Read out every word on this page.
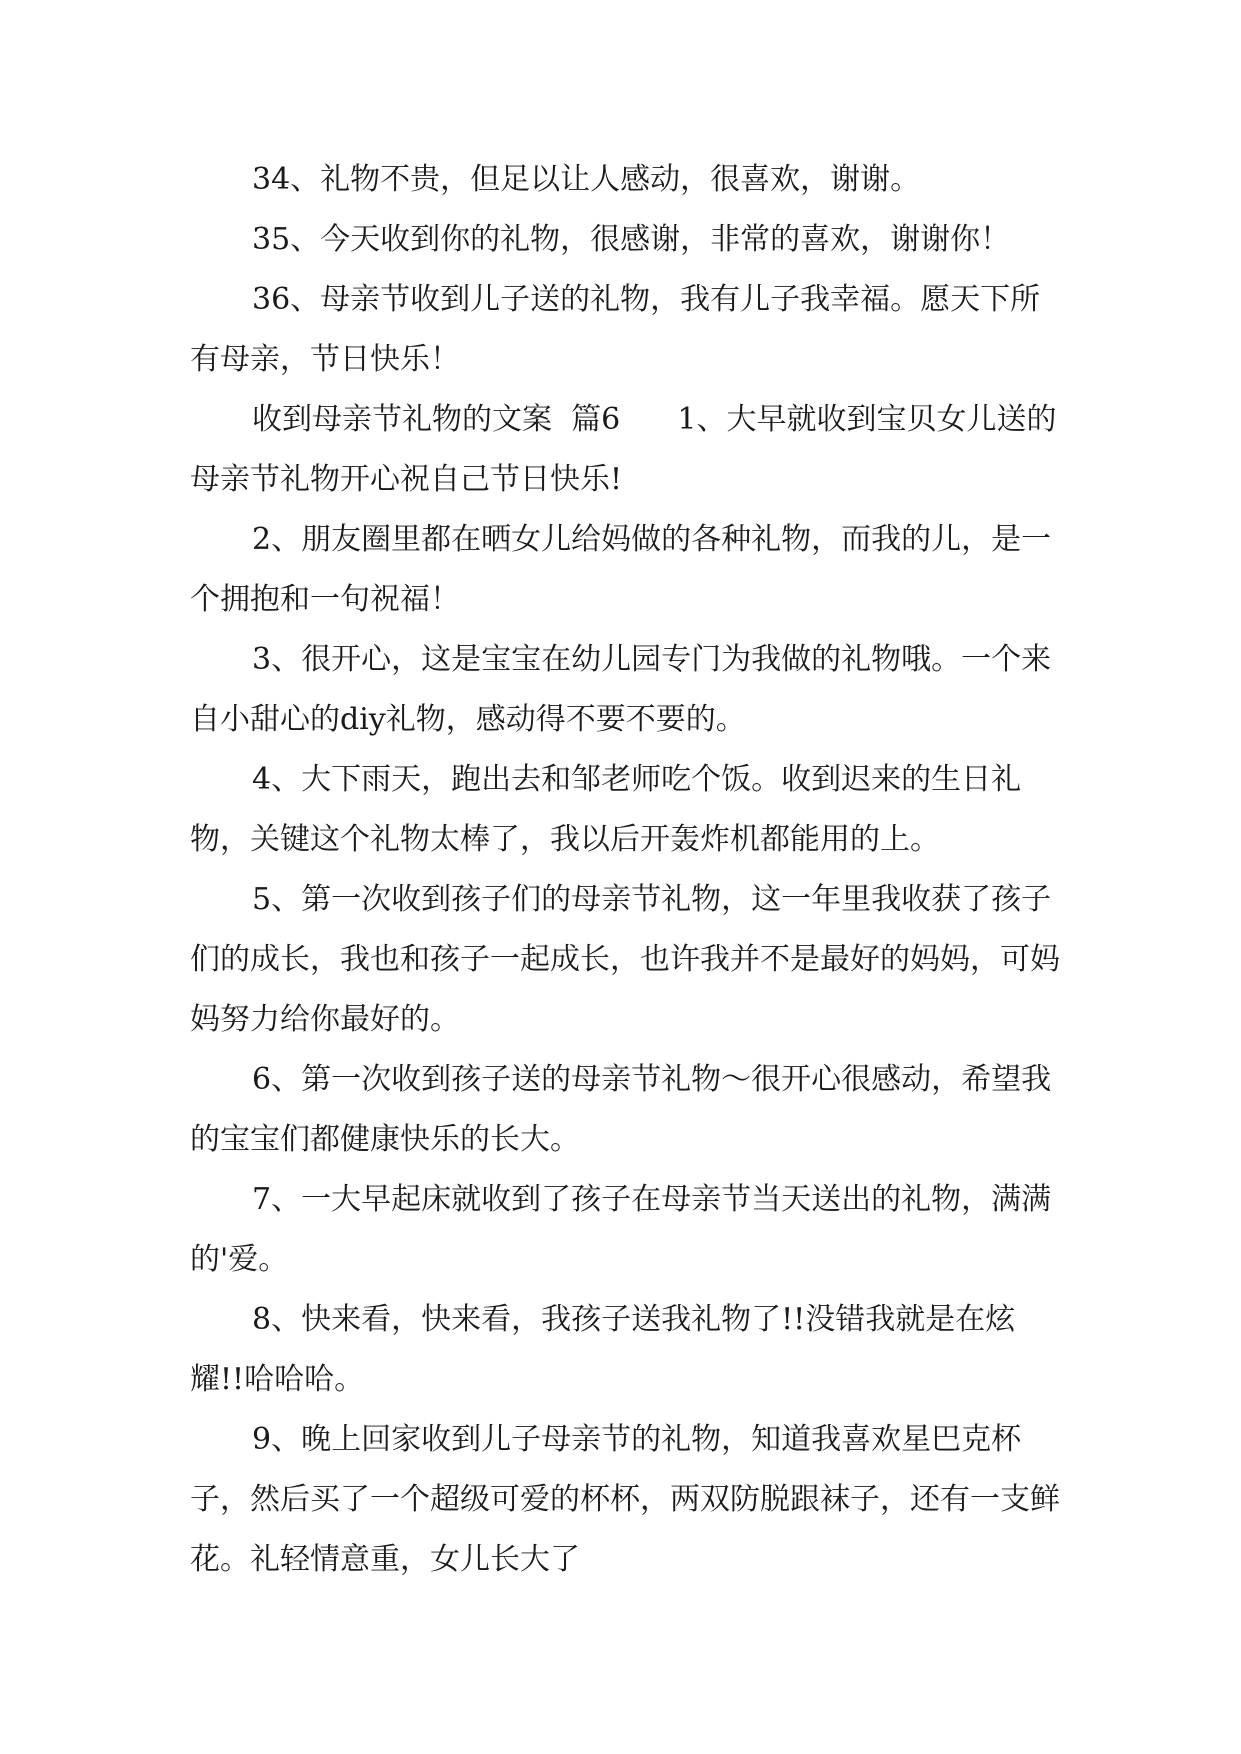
34、礼物不贵，但足以让人感动，很喜欢，谢谢。

35、今天收到你的礼物，很感谢，非常的喜欢，谢谢你！

36、母亲节收到儿子送的礼物，我有儿子我幸福。愿天下所有母亲，节日快乐！

收到母亲节礼物的文案  篇6      1、大早就收到宝贝女儿送的母亲节礼物开心祝自己节日快乐!

2、朋友圈里都在晒女儿给妈做的各种礼物，而我的儿，是一个拥抱和一句祝福！

3、很开心，这是宝宝在幼儿园专门为我做的礼物哦。一个来自小甜心的diy礼物，感动得不要不要的。

4、大下雨天，跑出去和邹老师吃个饭。收到迟来的生日礼物，关键这个礼物太棒了，我以后开轰炸机都能用的上。

5、第一次收到孩子们的母亲节礼物，这一年里我收获了孩子们的成长，我也和孩子一起成长，也许我并不是最好的妈妈，可妈妈努力给你最好的。

6、第一次收到孩子送的母亲节礼物～很开心很感动，希望我的宝宝们都健康快乐的长大。

7、一大早起床就收到了孩子在母亲节当天送出的礼物，满满的'爱。

8、快来看，快来看，我孩子送我礼物了!!没错我就是在炫耀!!哈哈哈。

9、晚上回家收到儿子母亲节的礼物，知道我喜欢星巴克杯子，然后买了一个超级可爱的杯杯，两双防脱跟袜子，还有一支鲜花。礼轻情意重，女儿长大了
